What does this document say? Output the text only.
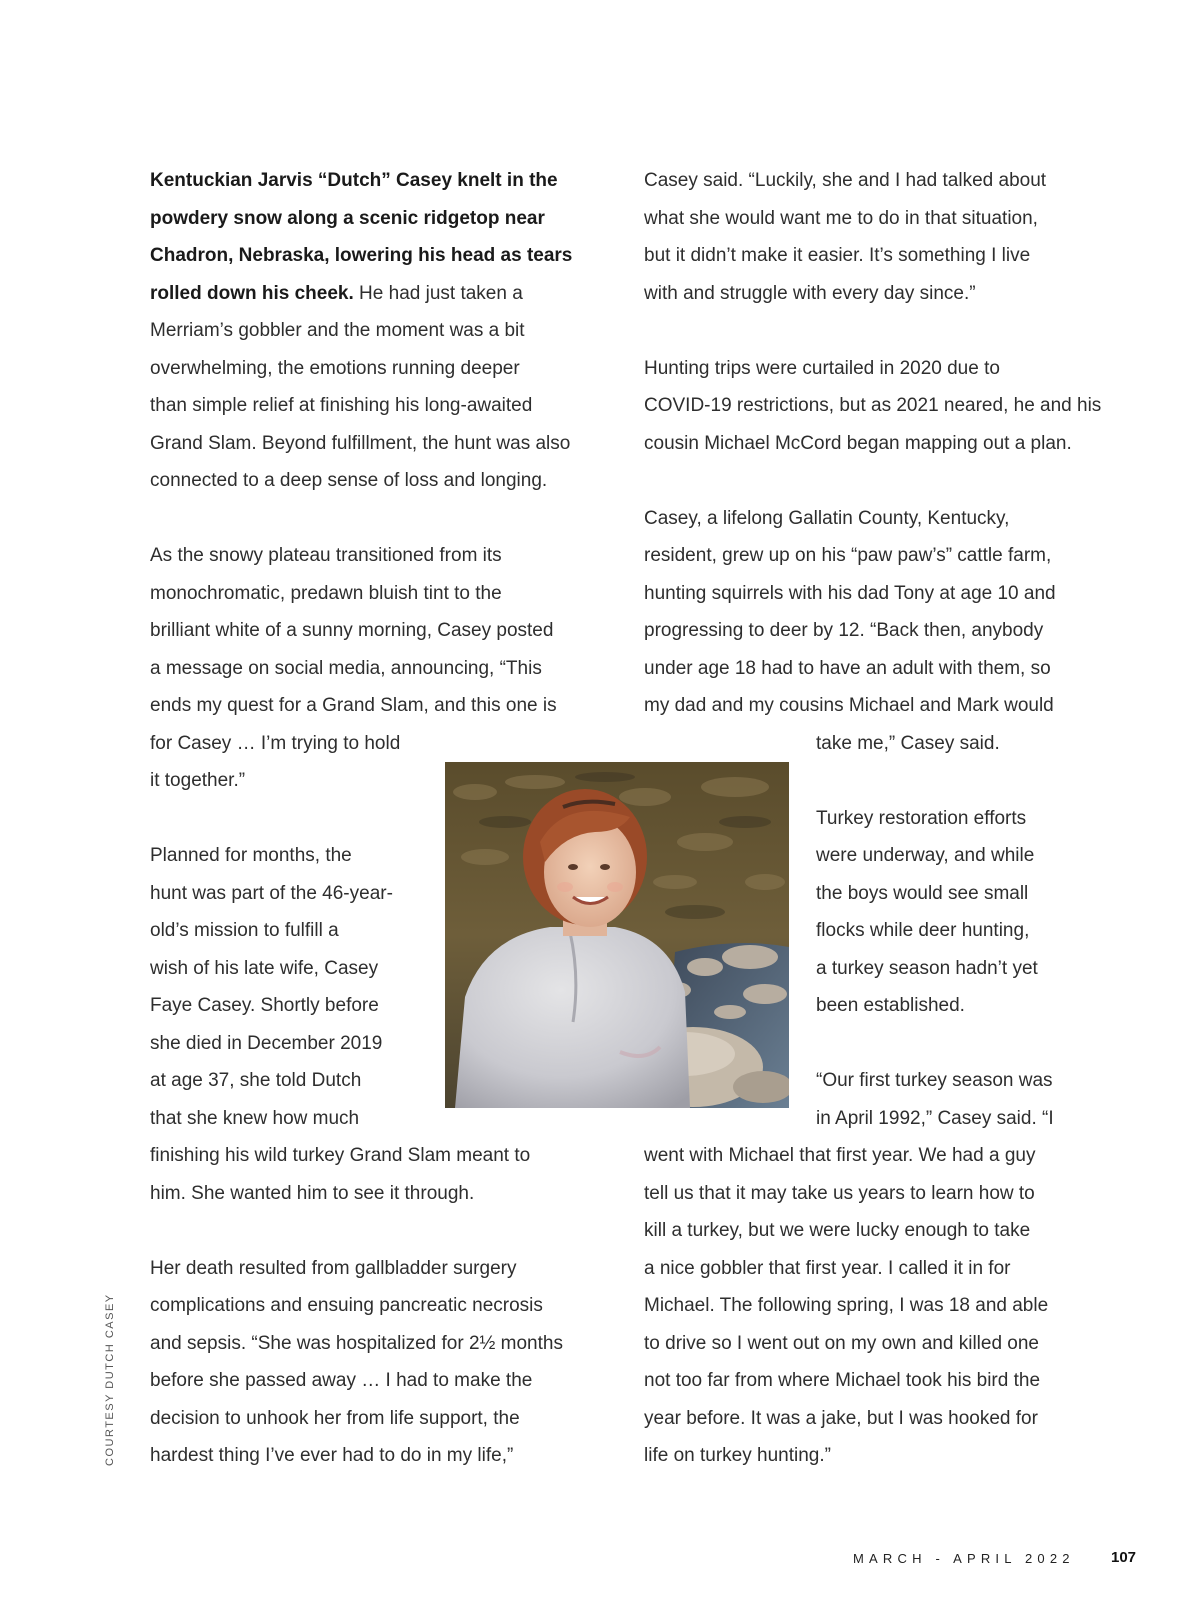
Kentuckian Jarvis “Dutch” Casey knelt in the
powdery snow along a scenic ridgetop near
Chadron, Nebraska, lowering his head as tears
rolled down his cheek. He had just taken a
Merriam’s gobbler and the moment was a bit
overwhelming, the emotions running deeper
than simple relief at finishing his long-awaited
Grand Slam. Beyond fulfillment, the hunt was also
connected to a deep sense of loss and longing.
As the snowy plateau transitioned from its
monochromatic, predawn bluish tint to the
brilliant white of a sunny morning, Casey posted
a message on social media, announcing, “This
ends my quest for a Grand Slam, and this one is
for Casey … I’m trying to hold
it together.”
Planned for months, the
hunt was part of the 46-year-
old’s mission to fulfill a
wish of his late wife, Casey
Faye Casey. Shortly before
she died in December 2019
at age 37, she told Dutch
that she knew how much
finishing his wild turkey Grand Slam meant to
him. She wanted him to see it through.
Her death resulted from gallbladder surgery
complications and ensuing pancreatic necrosis
and sepsis. “She was hospitalized for 2½ months
before she passed away … I had to make the
decision to unhook her from life support, the
hardest thing I’ve ever had to do in my life,”
Casey said. “Luckily, she and I had talked about
what she would want me to do in that situation,
but it didn’t make it easier. It’s something I live
with and struggle with every day since.”
Hunting trips were curtailed in 2020 due to
COVID-19 restrictions, but as 2021 neared, he and his
cousin Michael McCord began mapping out a plan.
Casey, a lifelong Gallatin County, Kentucky,
resident, grew up on his “paw paw’s” cattle farm,
hunting squirrels with his dad Tony at age 10 and
progressing to deer by 12. “Back then, anybody
under age 18 had to have an adult with them, so
my dad and my cousins Michael and Mark would
take me,” Casey said.
Turkey restoration efforts
were underway, and while
the boys would see small
flocks while deer hunting,
a turkey season hadn’t yet
been established.
“Our first turkey season was
in April 1992,” Casey said. “I
went with Michael that first year. We had a guy
tell us that it may take us years to learn how to
kill a turkey, but we were lucky enough to take
a nice gobbler that first year. I called it in for
Michael. The following spring, I was 18 and able
to drive so I went out on my own and killed one
not too far from where Michael took his bird the
year before. It was a jake, but I was hooked for
life on turkey hunting.”
COURTESY DUTCH CASEY
MARCH - APRIL 2022 107
